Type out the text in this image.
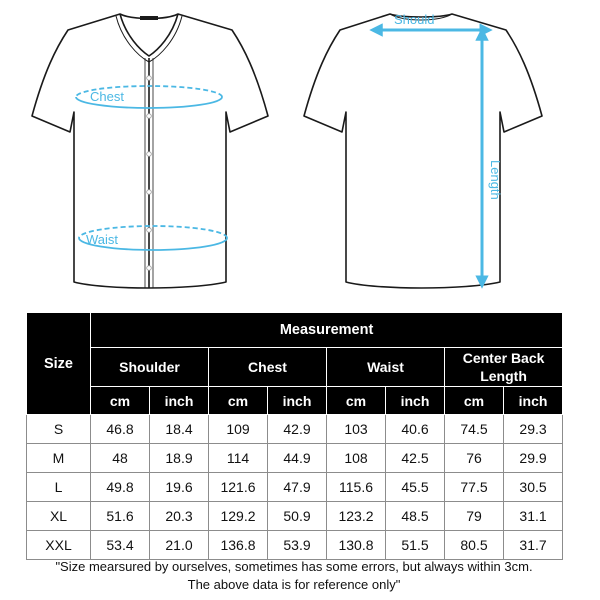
Chest
Waist
Should
Length
Size	Measurement							
	Shoulder		Chest		Waist		Center Back Length	
	cm	inch	cm	inch	cm	inch	cm	inch
S	46.8	18.4	109	42.9	103	40.6	74.5	29.3
M	48	18.9	114	44.9	108	42.5	76	29.9
L	49.8	19.6	121.6	47.9	115.6	45.5	77.5	30.5
XL	51.6	20.3	129.2	50.9	123.2	48.5	79	31.1
XXL	53.4	21.0	136.8	53.9	130.8	51.5	80.5	31.7
"Size mearsured by ourselves, sometimes has some errors, but always within 3cm.
The above data is for reference only"
